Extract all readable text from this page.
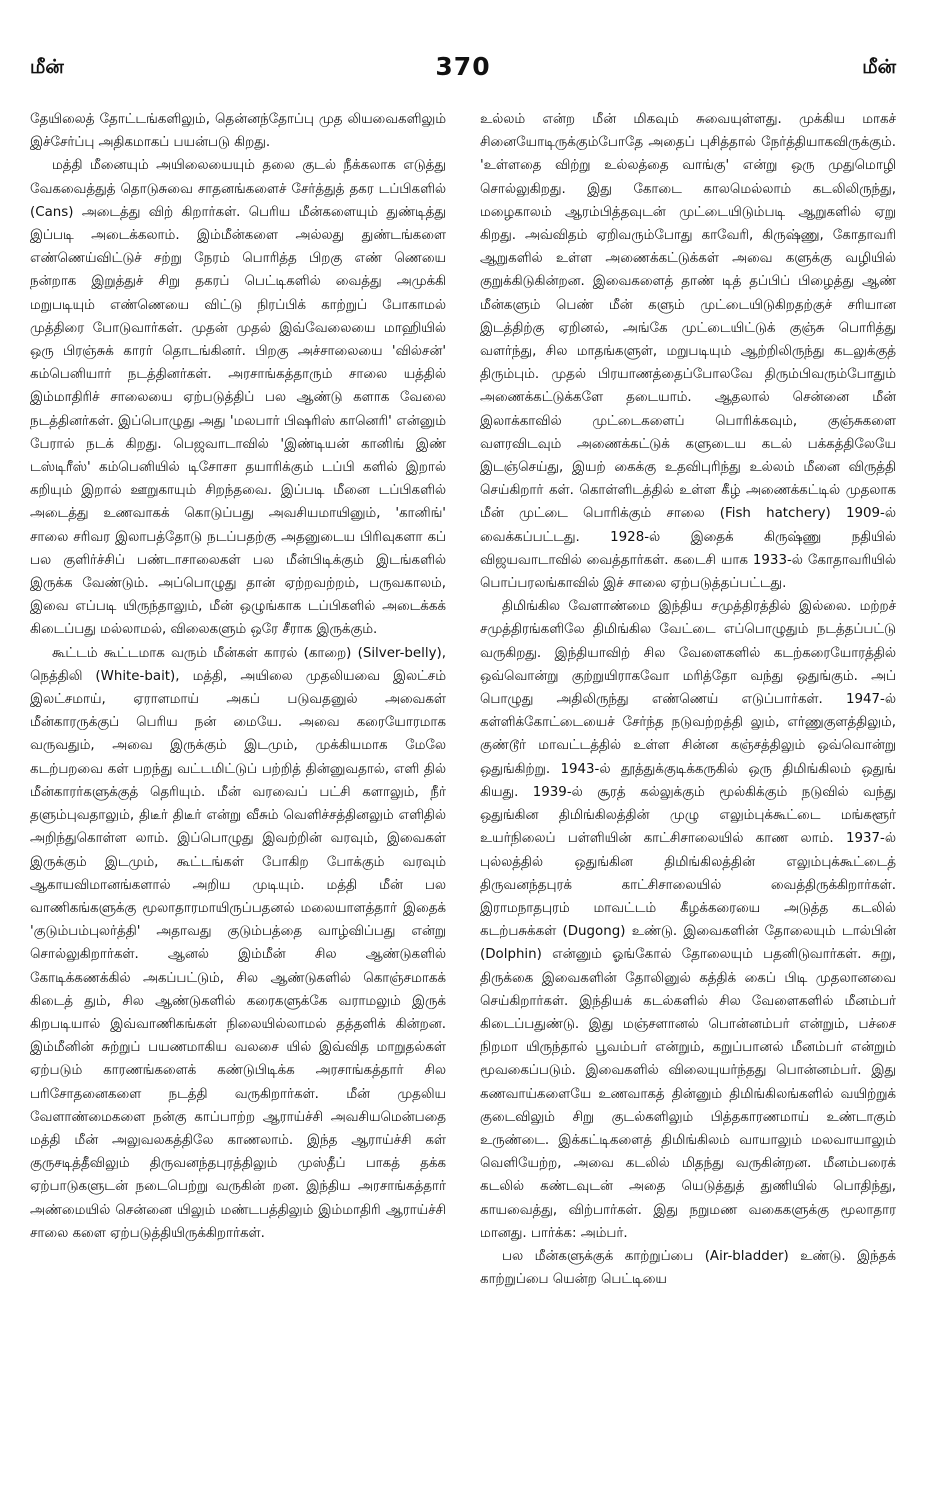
மீன்	370	மீன்

தேயிலைத் தோட்டங்களிலும், தென்னந்தோப்பு முத லியவைகளிலும் இச்சேர்ப்பு அதிகமாகப் பயன்படு கிறது.

மத்தி மீனையும் அயிலையையும் தலை குடல் நீக்கலாக எடுத்து வேகவைத்துத் தொடுசுவை சாதனங்களைச் சேர்த்துத் தகர டப்பிகளில் (Cans) அடைத்து விற் கிறார்கள். பெரிய மீன்களையும் துண்டித்து இப்படி அடைக்கலாம். இம்மீன்களை அல்லது துண்டங்களை எண்ணெய்விட்டுச் சற்று நேரம் பொரித்த பிறகு எண் ணெயை நன்றாக இறுத்துச் சிறு தகரப் பெட்டிகளில் வைத்து அமுக்கி மறுபடியும் எண்ணெயை விட்டு நிரப்பிக் காற்றுப் போகாமல் முத்திரை போடுவார்கள். முதன் முதல் இவ்வேலையை மாஹியில் ஒரு பிரஞ்சுக் காரர் தொடங்கினர். பிறகு அச்சாலையை 'வில்சன்' கம்பெனியார் நடத்தினர்கள். அரசாங்கத்தாரும் சாலை யத்தில் இம்மாதிரிச் சாலையை ஏற்படுத்திப் பல ஆண்டு களாக வேலை நடத்தினர்கள். இப்பொழுது அது 'மலபார் பிஷரிஸ் கானெரி' என்னும் பேரால் நடக் கிறது. பெஜவாடாவில் 'இண்டியன் கானிங் இண் டஸ்டிரீஸ்' கம்பெனியில் டிசோசா தயாரிக்கும் டப்பி களில் இறால் கறியும் இறால் ஊறுகாயும் சிறந்தவை. இப்படி மீனை டப்பிகளில் அடைத்து உணவாகக் கொடுப்பது அவசியமாயினும், 'கானிங்' சாலை சரிவர இலாபத்தோடு நடப்பதற்கு அதனுடைய பிரிவுகளா கப் பல குளிர்ச்சிப் பண்டாசாலைகள் பல மீன்பிடிக்கும் இடங்களில் இருக்க வேண்டும். அப்பொழுது தான் ஏற்றவற்றம், பருவகாலம், இவை எப்படி யிருந்தாலும், மீன் ஒழுங்காக டப்பிகளில் அடைக்கக் கிடைப்பது மல்லாமல், விலைகளும் ஒரே சீராக இருக்கும்.

கூட்டம் கூட்டமாக வரும் மீன்கள் காரல் (காறை) (Silver-belly), நெத்திலி (White-bait), மத்தி, அயிலை முதலியவை இலட்சம் இலட்சமாய், ஏராளமாய் அகப் படுவதனுல் அவைகள் மீன்காரருக்குப் பெரிய நன் மையே. அவை கரையோரமாக வருவதும், அவை இருக்கும் இடமும், முக்கியமாக மேலே கடற்பறவை கள் பறந்து வட்டமிட்டுப் பற்றித் தின்னுவதால், எளி தில் மீன்காரர்களுக்குத் தெரியும். மீன் வரவைப் பட்சி களாலும், நீர் தளும்புவதாலும், திடீர் திடீர் என்று வீசும் வெளிச்சத்தினலும் எளிதில் அறிந்துகொள்ள லாம். இப்பொழுது இவற்றின் வரவும், இவைகள் இருக்கும் இடமும், கூட்டங்கள் போகிற போக்கும் வரவும் ஆகாயவிமானங்களால் அறிய முடியும். மத்தி மீன் பல வாணிகங்களுக்கு மூலாதாரமாயிருப்பதனல் மலையாளத்தார் இதைக் 'குடும்பம்புலர்த்தி' அதாவது குடும்பத்தை வாழ்விப்பது என்று சொல்லுகிறார்கள். ஆனல் இம்மீன் சில ஆண்டுகளில் கோடிக்கணக்கில் அகப்பட்டும், சில ஆண்டுகளில் கொஞ்சமாகக் கிடைத் தும், சில ஆண்டுகளில் கரைகளுக்கே வராமலும் இருக் கிறபடியால் இவ்வாணிகங்கள் நிலையில்லாமல் தத்தளிக் கின்றன. இம்மீனின் சுற்றுப் பயணமாகிய வலசை யில் இவ்வித மாறுதல்கள் ஏற்படும் காரணங்களைக் கண்டுபிடிக்க அரசாங்கத்தார் சில பரிசோதனைகளை நடத்தி வருகிறார்கள். மீன் முதலிய வேளாண்மைகளை நன்கு காப்பாற்ற ஆராய்ச்சி அவசியமென்பதை மத்தி மீன் அலுவலகத்திலே காணலாம். இந்த ஆராய்ச்சி கள் குருசடித்தீவிலும் திருவனந்தபுரத்திலும் முஸ்தீப் பாகத் தக்க ஏற்பாடுகளுடன் நடைபெற்று வருகின் றன. இந்திய அரசாங்கத்தார் அண்மையில் சென்னை யிலும் மண்டபத்திலும் இம்மாதிரி ஆராய்ச்சி சாலை களை ஏற்படுத்தியிருக்கிறார்கள்.

உல்லம் என்ற மீன் மிகவும் சுவையுள்ளது. முக்கிய மாகச் சினையோடிருக்கும்போதே அதைப் புசித்தால் நேர்த்தியாகவிருக்கும். 'உள்ளதை விற்று உல்லத்தை வாங்கு' என்று ஒரு முதுமொழி சொல்லுகிறது. இது கோடை காலமெல்லாம் கடலிலிருந்து, மழைகாலம் ஆரம்பித்தவுடன் முட்டையிடும்படி ஆறுகளில் ஏறு கிறது. அவ்விதம் ஏறிவரும்போது காவேரி, கிருஷ்ணு, கோதாவரி ஆறுகளில் உள்ள அணைக்கட்டுக்கள் அவை களுக்கு வழியில் குறுக்கிடுகின்றன. இவைகளைத் தாண் டித் தப்பிப் பிழைத்து ஆண் மீன்களும் பெண் மீன் களும் முட்டையிடுகிறதற்குச் சரியான இடத்திற்கு ஏறினல், அங்கே முட்டையிட்டுக் குஞ்சு பொரித்து வளர்ந்து, சில மாதங்களுள், மறுபடியும் ஆற்றிலிருந்து கடலுக்குத் திரும்பும். முதல் பிரயாணத்தைப்போலவே திரும்பிவரும்போதும் அணைக்கட்டுக்களே தடையாம். ஆதலால் சென்னை மீன் இலாக்காவில் முட்டைகளைப் பொரிக்கவும், குஞ்சுகளை வளரவிடவும் அணைக்கட்டுக் களுடைய கடல் பக்கத்திலேயே இடஞ்செய்து, இயற் கைக்கு உதவிபுரிந்து உல்லம் மீனை விருத்தி செய்கிறார் கள். கொள்ளிடத்தில் உள்ள கீழ் அணைக்கட்டில் முதலாக மீன் முட்டை பொரிக்கும் சாலை (Fish hatchery) 1909-ல் வைக்கப்பட்டது. 1928-ல் இதைக் கிருஷ்ணு நதியில் விஜயவாடாவில் வைத்தார்கள். கடைசி யாக 1933-ல் கோதாவரியில் பொப்பரலங்காவில் இச் சாலை ஏற்படுத்தப்பட்டது.

திமிங்கில வேளாண்மை இந்திய சமுத்திரத்தில் இல்லை. மற்றச் சமுத்திரங்களிலே திமிங்கில வேட்டை எப்பொழுதும் நடத்தப்பட்டு வருகிறது. இந்தியாவிற் சில வேளைகளில் கடற்கரையோரத்தில் ஒவ்வொன்று குற்றுயிராகவோ மரித்தோ வந்து ஒதுங்கும். அப் பொழுது அதிலிருந்து எண்ணெய் எடுப்பார்கள். 1947-ல் கள்ளிக்கோட்டையைச் சேர்ந்த நடுவற்றத்தி லும், எர்ணுகுளத்திலும், குண்டூர் மாவட்டத்தில் உள்ள சின்ன கஞ்சத்திலும் ஒவ்வொன்று ஒதுங்கிற்று. 1943-ல் தூத்துக்குடிக்கருகில் ஒரு திமிங்கிலம் ஒதுங் கியது. 1939-ல் சூரத் கல்லுக்கும் மூல்கிக்கும் நடுவில் வந்து ஒதுங்கின திமிங்கிலத்தின் முழு எலும்புக்கூட்டை மங்களூர் உயர்நிலைப் பள்ளியின் காட்சிசாலையில் காண லாம். 1937-ல் புல்லத்தில் ஒதுங்கின திமிங்கிலத்தின் எலும்புக்கூட்டைத் திருவனந்தபுரக் காட்சிசாலையில் வைத்திருக்கிறார்கள். இராமநாதபுரம் மாவட்டம் கீழக்கரையை அடுத்த கடலில் கடற்பசுக்கள் (Dugong) உண்டு. இவைகளின் தோலையும் டால்பின் (Dolphin) என்னும் ஓங்கோல் தோலையும் பதனிடுவார்கள். சுறு, திருக்கை இவைகளின் தோலினுல் கத்திக் கைப் பிடி முதலானவை செய்கிறார்கள். இந்தியக் கடல்களில் சில வேளைகளில் மீனம்பர் கிடைப்பதுண்டு. இது மஞ்சளானல் பொன்னம்பர் என்றும், பச்சை நிறமா யிருந்தால் பூவம்பர் என்றும், கறுப்பானல் மீனம்பர் என்றும் மூவகைப்படும். இவைகளில் விலையுயர்ந்தது பொன்னம்பர். இது கணவாய்களையே உணவாகத் தின்னும் திமிங்கிலங்களில் வயிற்றுக் குடைவிலும் சிறு குடல்களிலும் பித்தகாரணமாய் உண்டாகும் உருண்டை. இக்கட்டிகளைத் திமிங்கிலம் வாயாலும் மலவாயாலும் வெளியேற்ற, அவை கடலில் மிதந்து வருகின்றன. மீனம்பரைக் கடலில் கண்டவுடன் அதை யெடுத்துத் துணியில் பொதிந்து, காயவைத்து, விற்பார்கள். இது நறுமண வகைகளுக்கு மூலாதார மானது. பார்க்க: அம்பர்.

பல மீன்களுக்குக் காற்றுப்பை (Air-bladder) உண்டு. இந்தக் காற்றுப்பை யென்ற பெட்டியை
